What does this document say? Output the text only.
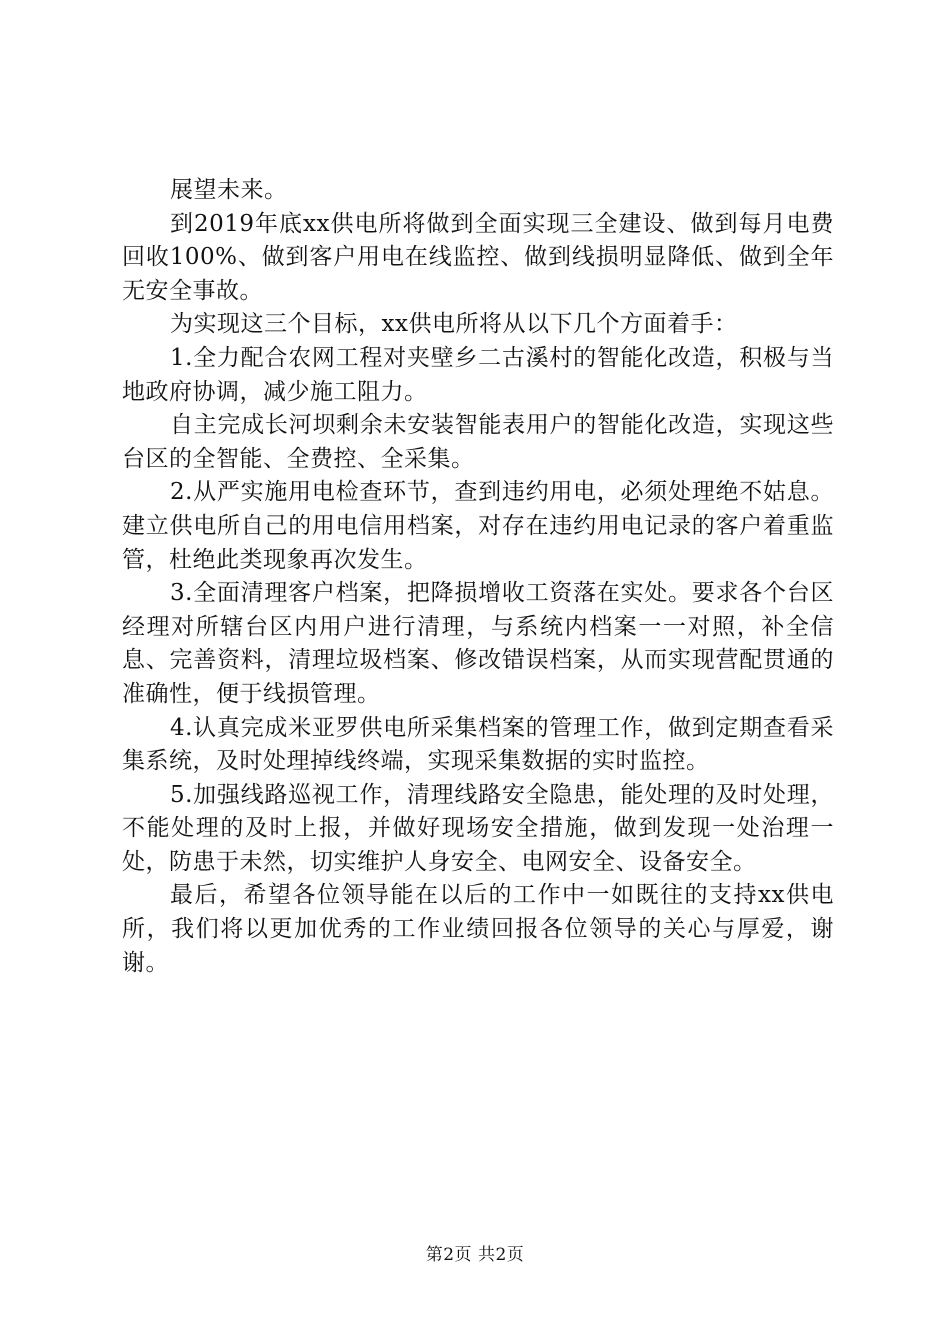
展望未来。

到2019年底xx供电所将做到全面实现三全建设、做到每月电费回收100%、做到客户用电在线监控、做到线损明显降低、做到全年无安全事故。

为实现这三个目标，xx供电所将从以下几个方面着手：

1.全力配合农网工程对夹壁乡二古溪村的智能化改造，积极与当地政府协调，减少施工阻力。

自主完成长河坝剩余未安装智能表用户的智能化改造，实现这些台区的全智能、全费控、全采集。

2.从严实施用电检查环节，查到违约用电，必须处理绝不姑息。建立供电所自己的用电信用档案，对存在违约用电记录的客户着重监管，杜绝此类现象再次发生。

3.全面清理客户档案，把降损增收工资落在实处。要求各个台区经理对所辖台区内用户进行清理，与系统内档案一一对照，补全信息、完善资料，清理垃圾档案、修改错误档案，从而实现营配贯通的准确性，便于线损管理。

4.认真完成米亚罗供电所采集档案的管理工作，做到定期查看采集系统，及时处理掉线终端，实现采集数据的实时监控。

5.加强线路巡视工作，清理线路安全隐患，能处理的及时处理，不能处理的及时上报，并做好现场安全措施，做到发现一处治理一处，防患于未然，切实维护人身安全、电网安全、设备安全。

最后，希望各位领导能在以后的工作中一如既往的支持xx供电所，我们将以更加优秀的工作业绩回报各位领导的关心与厚爱，谢谢。

第2页 共2页
